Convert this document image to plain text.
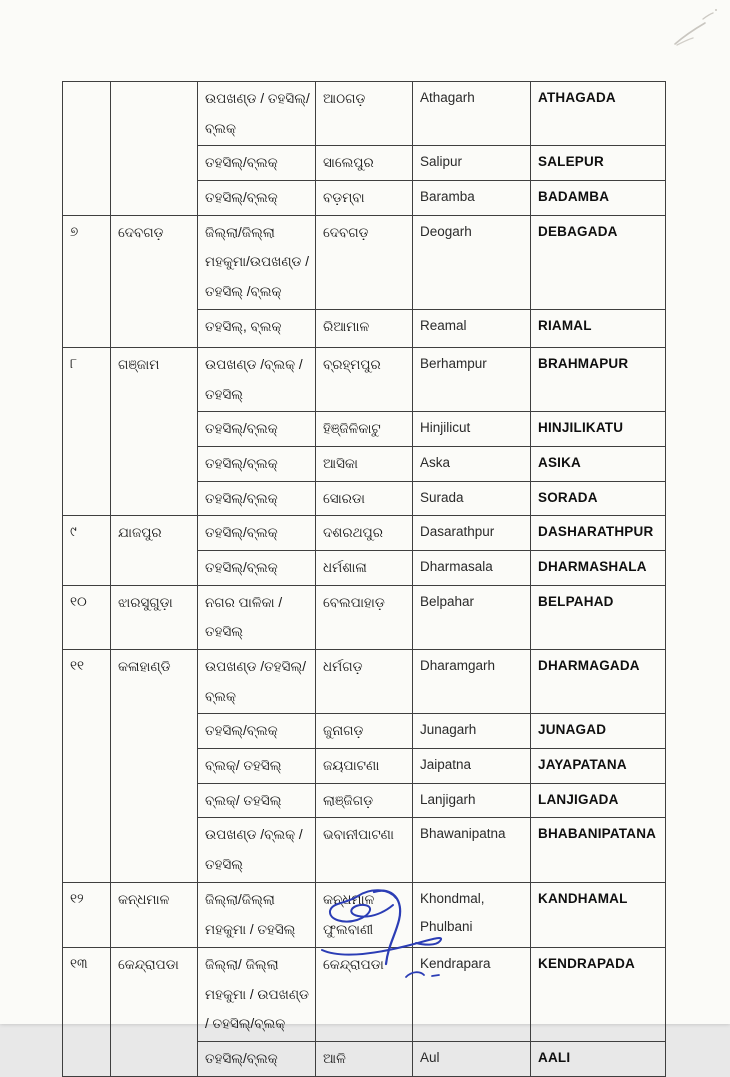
		ଉପଖଣ୍ଡ / ତହସିଲ୍/ବ୍ଲକ୍	ଆଠଗଡ଼	Athagarh	ATHAGADA
		ତହସିଲ୍/ବ୍ଲକ୍	ସାଲେପୁର	Salipur	SALEPUR
		ତହସିଲ୍/ବ୍ଲକ୍	ବଡ଼ମ୍ବା	Baramba	BADAMBA
୭	ଦେବଗଡ଼	ଜିଲ୍ଲା/ଜିଲ୍ଲା ମହକୁମା/ଉପଖଣ୍ଡ / ତହସିଲ୍ /ବ୍ଲକ୍	ଦେବଗଡ଼	Deogarh	DEBAGADA
		ତହସିଲ୍, ବ୍ଲକ୍	ରିଆମାଳ	Reamal	RIAMAL
୮	ଗଞ୍ଜାମ	ଉପଖଣ୍ଡ /ବ୍ଲକ୍ /ତହସିଲ୍	ବ୍ରହ୍ମପୁର	Berhampur	BRAHMAPUR
		ତହସିଲ୍/ବ୍ଲକ୍	ହିଞ୍ଜିଳିକାଟୁ	Hinjilicut	HINJILIKATU
		ତହସିଲ୍/ବ୍ଲକ୍	ଆସିକା	Aska	ASIKA
		ତହସିଲ୍/ବ୍ଲକ୍	ସୋରଡା	Surada	SORADA
୯	ଯାଜପୁର	ତହସିଲ୍/ବ୍ଲକ୍	ଦଶରଥପୁର	Dasarathpur	DASHARATHPUR
		ତହସିଲ୍/ବ୍ଲକ୍	ଧର୍ମଶାଳା	Dharmasala	DHARMASHALA
୧୦	ଝାରସୁଗୁଡ଼ା	ନଗର ପାଳିକା /ତହସିଲ୍	ବେଲପାହାଡ଼	Belpahar	BELPAHAD
୧୧	କଳାହାଣ୍ଡି	ଉପଖଣ୍ଡ /ତହସିଲ୍/ବ୍ଲକ୍	ଧର୍ମଗଡ଼	Dharamgarh	DHARMAGADA
		ତହସିଲ୍/ବ୍ଲକ୍	ଜୁନାଗଡ଼	Junagarh	JUNAGAD
		ବ୍ଲକ୍/ ତହସିଲ୍	ଜୟପାଟଣା	Jaipatna	JAYAPATANA
		ବ୍ଲକ୍/ ତହସିଲ୍	ଲାଞ୍ଜିଗଡ଼	Lanjigarh	LANJIGADA
		ଉପଖଣ୍ଡ /ବ୍ଲକ୍ /ତହସିଲ୍	ଭବାନୀପାଟଣା	Bhawanipatna	BHABANIPATANA
୧୨	କନ୍ଧମାଳ	ଜିଲ୍ଲା/ଜିଲ୍ଲା ମହକୁମା / ତହସିଲ୍	କନ୍ଧମାଳ ଫୁଲବାଣୀ	Khondmal, Phulbani	KANDHAMAL
୧୩	କେନ୍ଦ୍ରାପଡା	ଜିଲ୍ଲା/ ଜିଲ୍ଲା ମହକୁମା / ଉପଖଣ୍ଡ / ତହସିଲ୍/ବ୍ଲକ୍	କେନ୍ଦ୍ରାପଡା	Kendrapara	KENDRAPADA
		ତହସିଲ୍/ବ୍ଲକ୍	ଆଳି	Aul	AALI
